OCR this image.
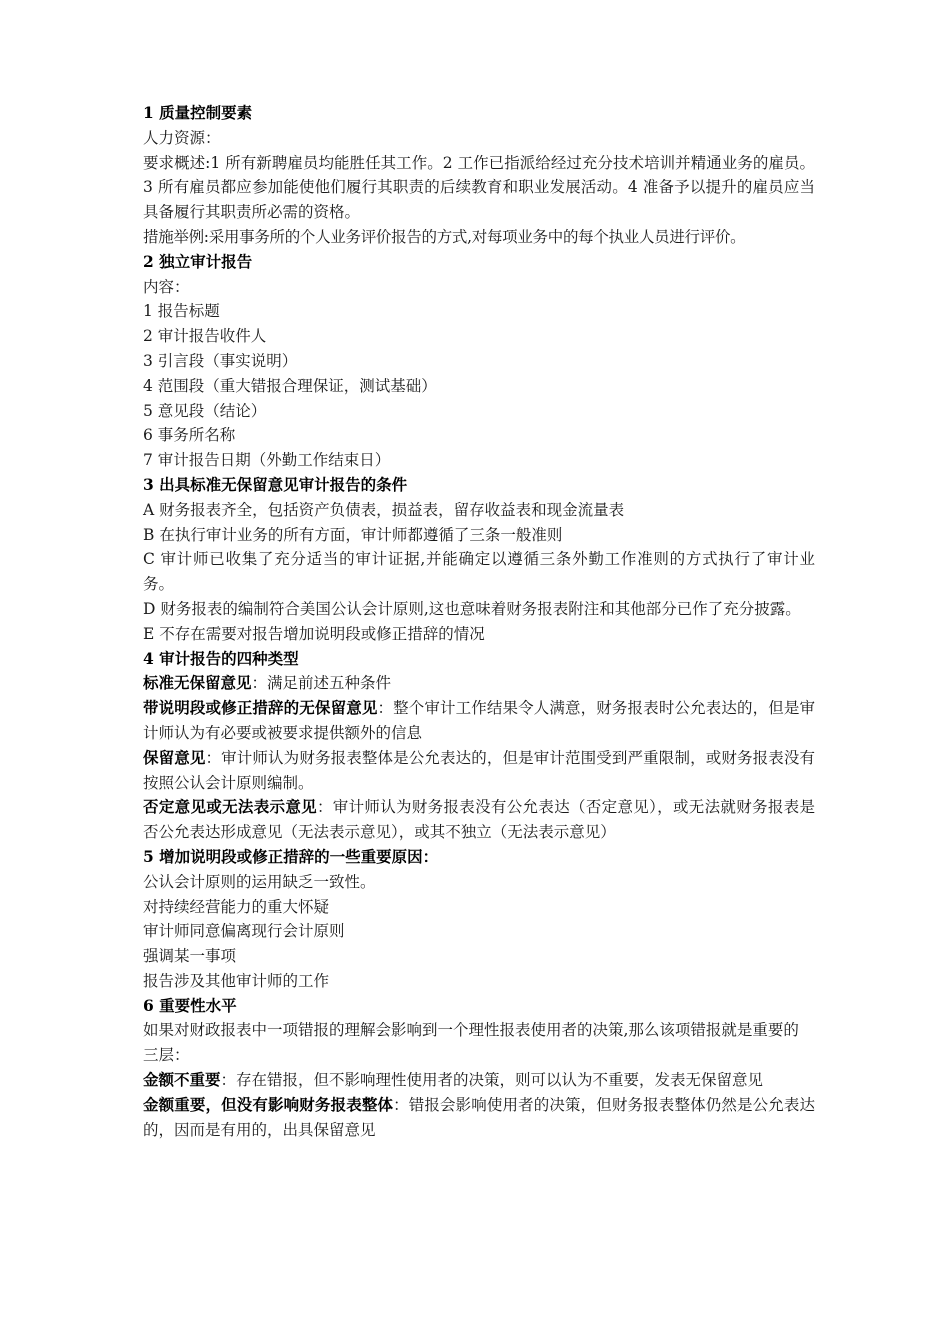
1 质量控制要素

人力资源：

要求概述:1 所有新聘雇员均能胜任其工作。2 工作已指派给经过充分技术培训并精通业务的雇员。3 所有雇员都应参加能使他们履行其职责的后续教育和职业发展活动。4 准备予以提升的雇员应当具备履行其职责所必需的资格。

措施举例:采用事务所的个人业务评价报告的方式,对每项业务中的每个执业人员进行评价。

2 独立审计报告

内容：

1 报告标题

2 审计报告收件人

3 引言段（事实说明）

4 范围段（重大错报合理保证，测试基础）

5 意见段（结论）

6 事务所名称

7 审计报告日期（外勤工作结束日）

3 出具标准无保留意见审计报告的条件

A 财务报表齐全，包括资产负债表，损益表，留存收益表和现金流量表

B 在执行审计业务的所有方面，审计师都遵循了三条一般准则

C 审计师已收集了充分适当的审计证据,并能确定以遵循三条外勤工作准则的方式执行了审计业务。

D 财务报表的编制符合美国公认会计原则,这也意味着财务报表附注和其他部分已作了充分披露。

E 不存在需要对报告增加说明段或修正措辞的情况

4 审计报告的四种类型

标准无保留意见：满足前述五种条件

带说明段或修正措辞的无保留意见：整个审计工作结果令人满意，财务报表时公允表达的，但是审计师认为有必要或被要求提供额外的信息

保留意见：审计师认为财务报表整体是公允表达的，但是审计范围受到严重限制，或财务报表没有按照公认会计原则编制。

否定意见或无法表示意见：审计师认为财务报表没有公允表达（否定意见），或无法就财务报表是否公允表达形成意见（无法表示意见），或其不独立（无法表示意见）

5 增加说明段或修正措辞的一些重要原因：

公认会计原则的运用缺乏一致性。

对持续经营能力的重大怀疑

审计师同意偏离现行会计原则

强调某一事项

报告涉及其他审计师的工作

6 重要性水平

如果对财政报表中一项错报的理解会影响到一个理性报表使用者的决策,那么该项错报就是重要的

三层：

金额不重要：存在错报，但不影响理性使用者的决策，则可以认为不重要，发表无保留意见

金额重要，但没有影响财务报表整体：错报会影响使用者的决策，但财务报表整体仍然是公允表达的，因而是有用的，出具保留意见
